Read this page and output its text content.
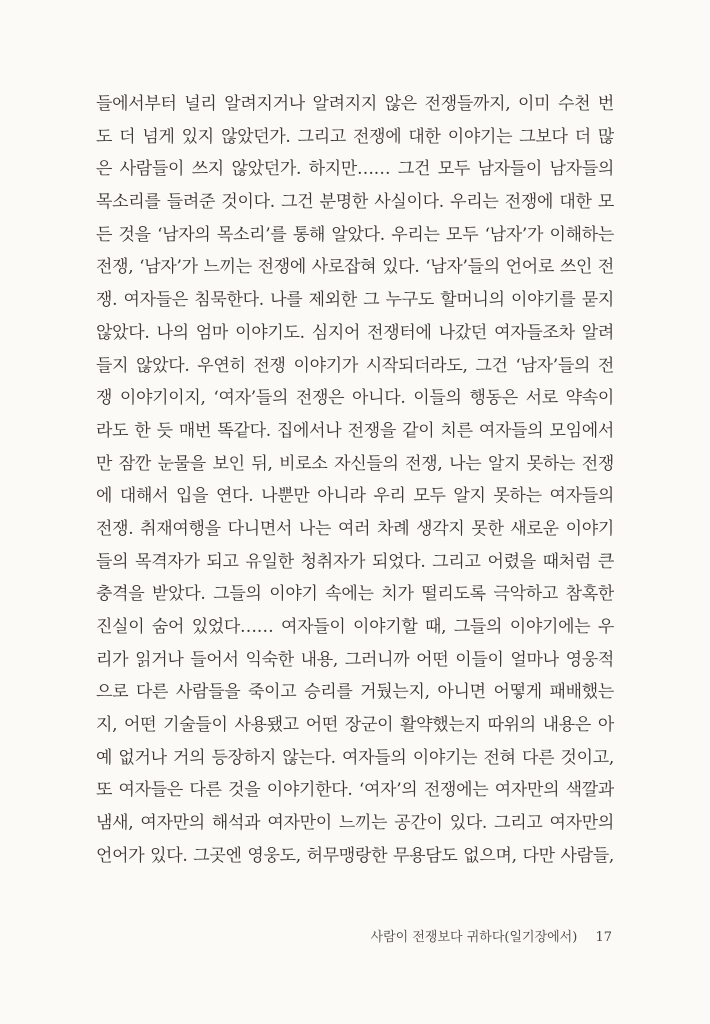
들에서부터 널리 알려지거나 알려지지 않은 전쟁들까지, 이미 수천 번
도 더 넘게 있지 않았던가. 그리고 전쟁에 대한 이야기는 그보다 더 많
은 사람들이 쓰지 않았던가. 하지만…… 그건 모두 남자들이 남자들의
목소리를 들려준 것이다. 그건 분명한 사실이다. 우리는 전쟁에 대한 모
든 것을 ‘남자의 목소리’를 통해 알았다. 우리는 모두 ‘남자’가 이해하는
전쟁, ‘남자’가 느끼는 전쟁에 사로잡혀 있다. ‘남자’들의 언어로 쓰인 전
쟁. 여자들은 침묵한다. 나를 제외한 그 누구도 할머니의 이야기를 묻지
않았다. 나의 엄마 이야기도. 심지어 전쟁터에 나갔던 여자들조차 알려
들지 않았다. 우연히 전쟁 이야기가 시작되더라도, 그건 ‘남자’들의 전
쟁 이야기이지, ‘여자’들의 전쟁은 아니다. 이들의 행동은 서로 약속이
라도 한 듯 매번 똑같다. 집에서나 전쟁을 같이 치른 여자들의 모임에서
만 잠깐 눈물을 보인 뒤, 비로소 자신들의 전쟁, 나는 알지 못하는 전쟁
에 대해서 입을 연다. 나뿐만 아니라 우리 모두 알지 못하는 여자들의
전쟁. 취재여행을 다니면서 나는 여러 차례 생각지 못한 새로운 이야기
들의 목격자가 되고 유일한 청취자가 되었다. 그리고 어렸을 때처럼 큰
충격을 받았다. 그들의 이야기 속에는 치가 떨리도록 극악하고 참혹한
진실이 숨어 있었다…… 여자들이 이야기할 때, 그들의 이야기에는 우
리가 읽거나 들어서 익숙한 내용, 그러니까 어떤 이들이 얼마나 영웅적
으로 다른 사람들을 죽이고 승리를 거뒀는지, 아니면 어떻게 패배했는
지, 어떤 기술들이 사용됐고 어떤 장군이 활약했는지 따위의 내용은 아
예 없거나 거의 등장하지 않는다. 여자들의 이야기는 전혀 다른 것이고,
또 여자들은 다른 것을 이야기한다. ‘여자’의 전쟁에는 여자만의 색깔과
냄새, 여자만의 해석과 여자만이 느끼는 공간이 있다. 그리고 여자만의
언어가 있다. 그곳엔 영웅도, 허무맹랑한 무용담도 없으며, 다만 사람들,
사람이 전쟁보다 귀하다(일기장에서) 17
